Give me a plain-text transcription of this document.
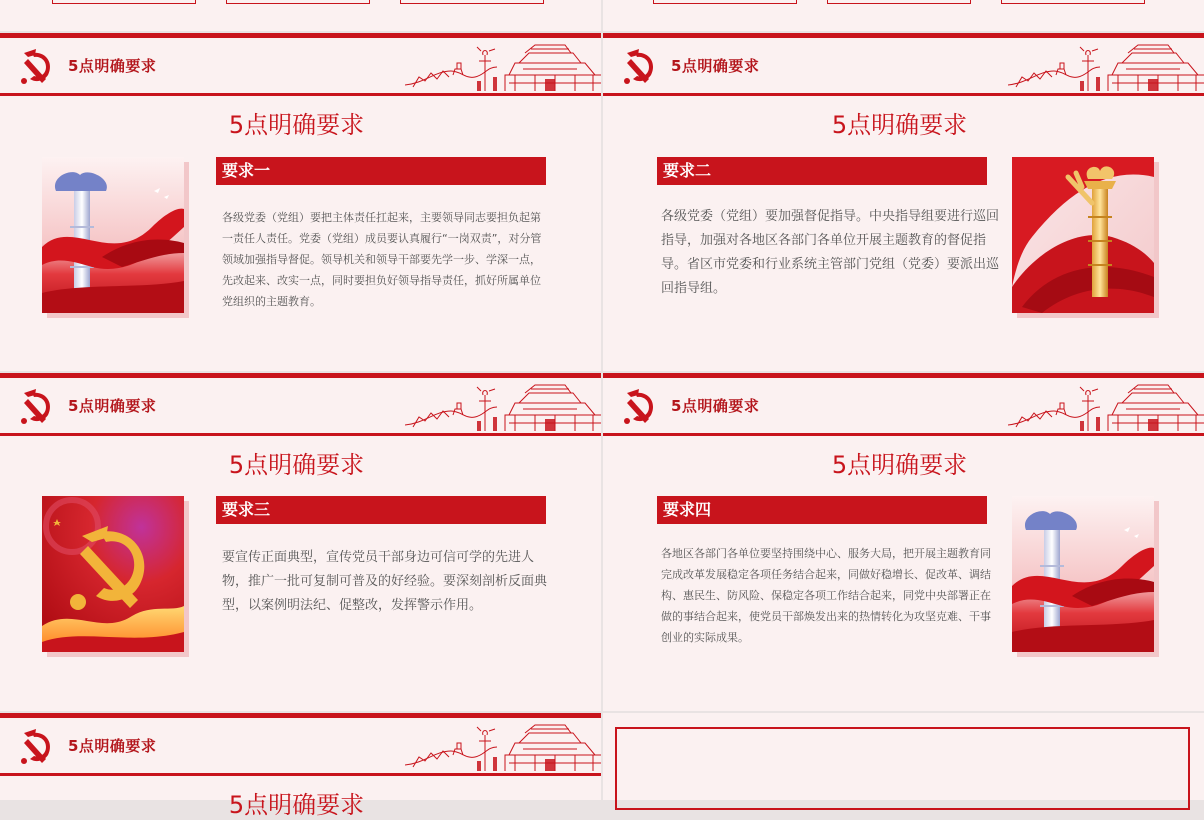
5点明确要求
5点明确要求
要求一
各级党委（党组）要把主体责任扛起来，主要领导同志要担负起第一责任人责任。党委（党组）成员要认真履行“一岗双责”，对分管领域加强指导督促。领导机关和领导干部要先学一步、学深一点，先改起来、改实一点，同时要担负好领导指导责任，抓好所属单位党组织的主题教育。
5点明确要求
5点明确要求
要求二
各级党委（党组）要加强督促指导。中央指导组要进行巡回指导，加强对各地区各部门各单位开展主题教育的督促指导。省区市党委和行业系统主管部门党组（党委）要派出巡回指导组。
5点明确要求
5点明确要求
要求三
要宣传正面典型，宣传党员干部身边可信可学的先进人物，推广一批可复制可普及的好经验。要深刻剖析反面典型，以案例明法纪、促整改，发挥警示作用。
5点明确要求
5点明确要求
要求四
各地区各部门各单位要坚持围绕中心、服务大局，把开展主题教育同完成改革发展稳定各项任务结合起来，同做好稳增长、促改革、调结构、惠民生、防风险、保稳定各项工作结合起来，同党中央部署正在做的事结合起来，使党员干部焕发出来的热情转化为攻坚克难、干事创业的实际成果。
5点明确要求
5点明确要求
